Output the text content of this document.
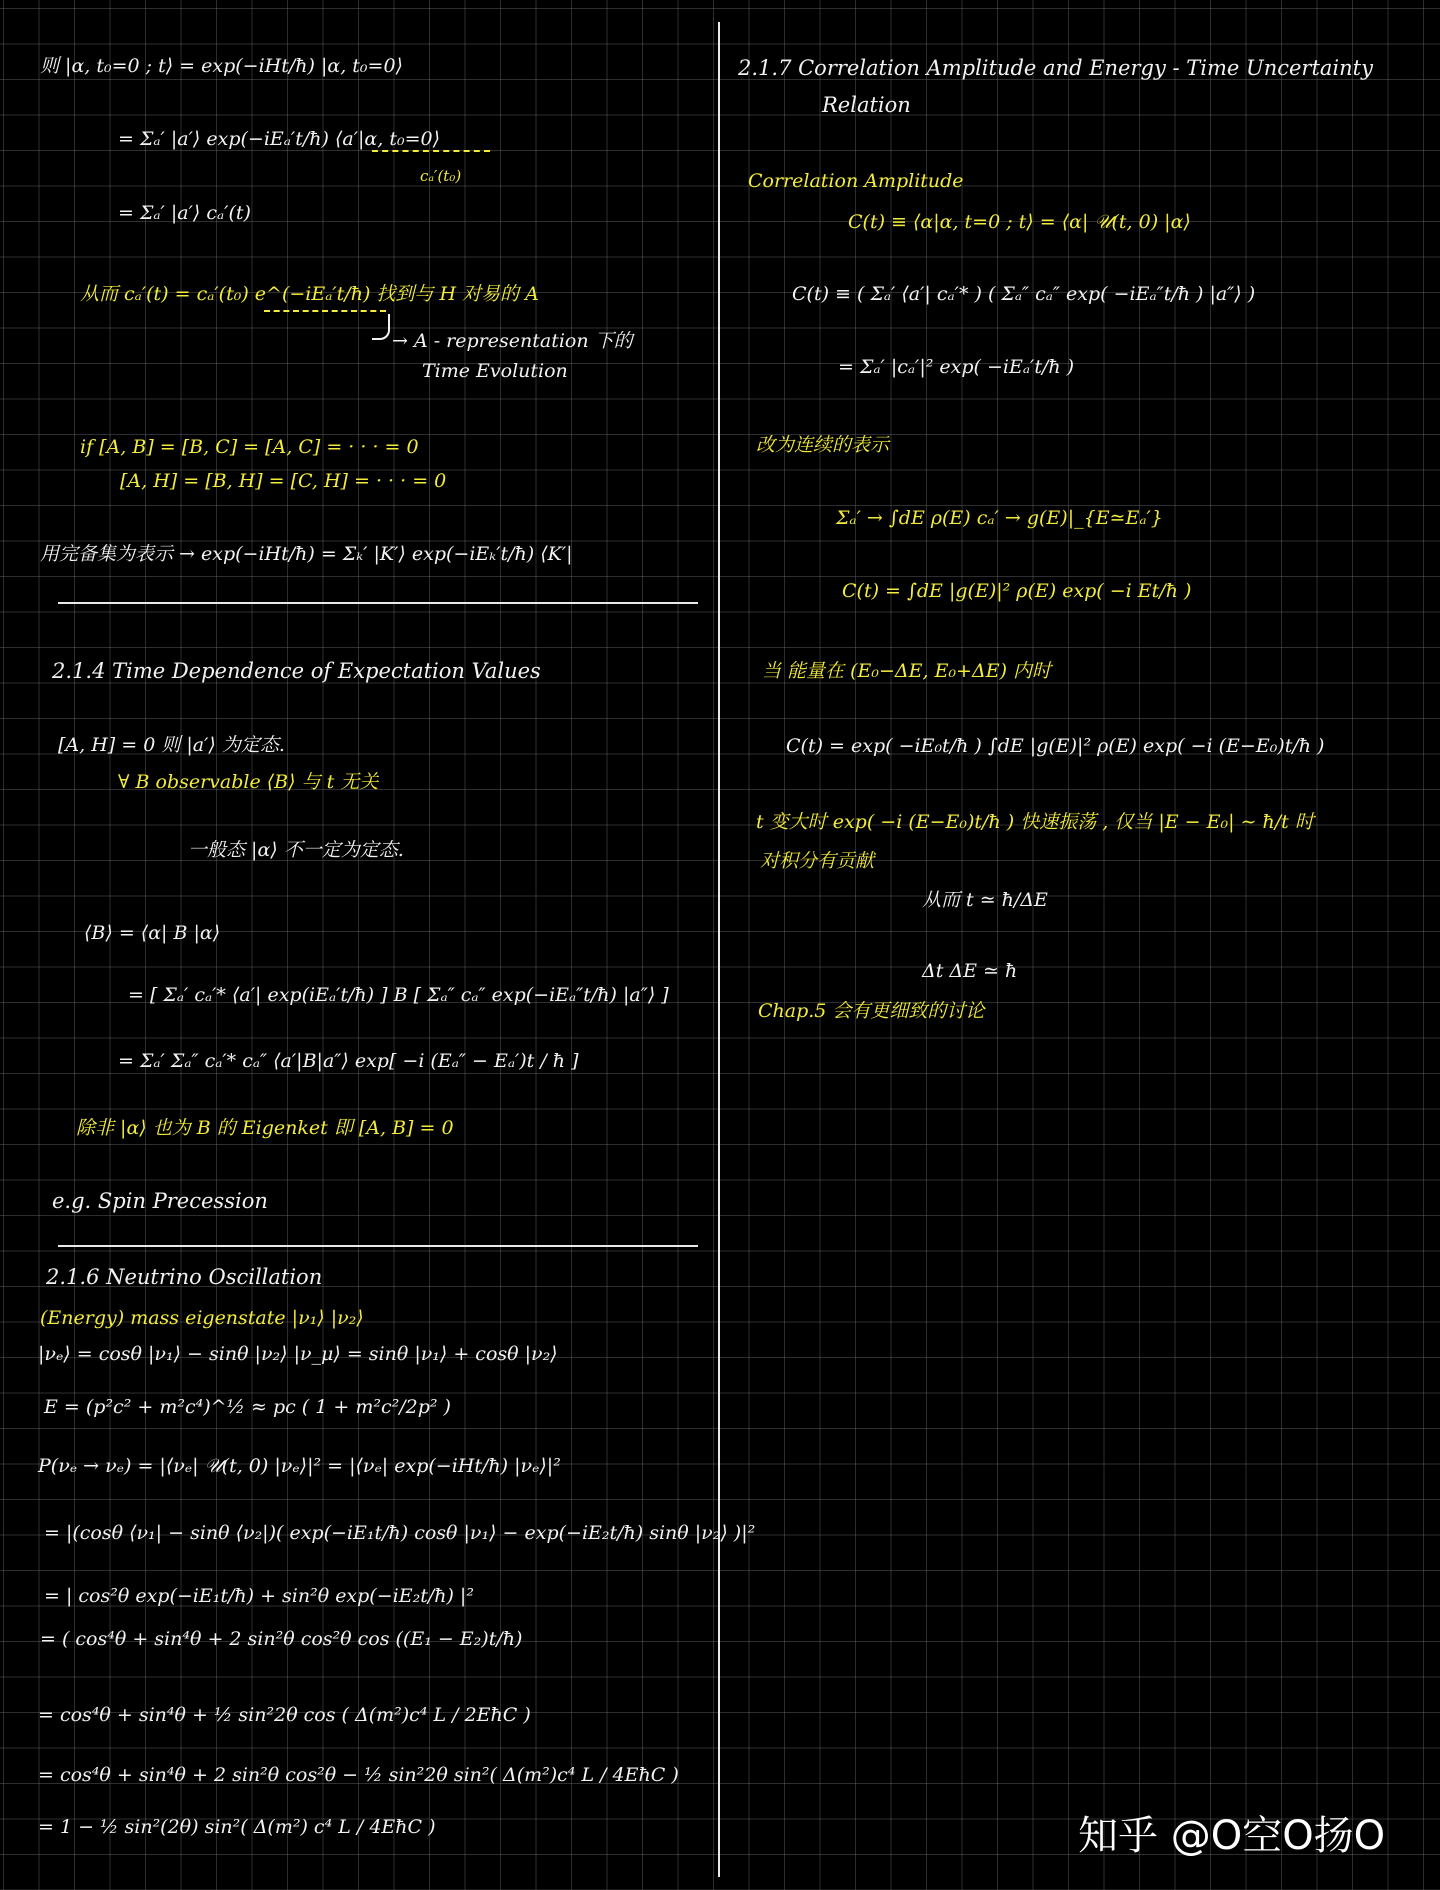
则 |α, t₀=0 ; t⟩ = exp(−iHt/ħ) |α, t₀=0⟩
= Σₐ′ |a′⟩ exp(−iEₐ′t/ħ) ⟨a′|α, t₀=0⟩
cₐ′(t₀)
= Σₐ′ |a′⟩ cₐ′(t)
从而 cₐ′(t) = cₐ′(t₀) e^(−iEₐ′t/ħ) 找到与 H 对易的 A
→ A - representation 下的
Time Evolution
if [A, B] = [B, C] = [A, C] = · · · = 0
[A, H] = [B, H] = [C, H] = · · · = 0
用完备集为表示 → exp(−iHt/ħ) = Σₖ′ |K′⟩ exp(−iEₖ′t/ħ) ⟨K′|
2.1.4 Time Dependence of Expectation Values
[A, H] = 0 则 |a′⟩ 为定态.
∀ B observable ⟨B⟩ 与 t 无关
一般态 |α⟩ 不一定为定态.
⟨B⟩ = ⟨α| B |α⟩
= [ Σₐ′ cₐ′* ⟨a′| exp(iEₐ′t/ħ) ] B [ Σₐ″ cₐ″ exp(−iEₐ″t/ħ) |a″⟩ ]
= Σₐ′ Σₐ″ cₐ′* cₐ″ ⟨a′|B|a″⟩ exp[ −i (Eₐ″ − Eₐ′)t / ħ ]
除非 |α⟩ 也为 B 的 Eigenket 即 [A, B] = 0
e.g. Spin Precession
2.1.6 Neutrino Oscillation
(Energy) mass eigenstate |ν₁⟩ |ν₂⟩
|νₑ⟩ = cosθ |ν₁⟩ − sinθ |ν₂⟩ |ν_μ⟩ = sinθ |ν₁⟩ + cosθ |ν₂⟩
E = (p²c² + m²c⁴)^½ ≈ pc ( 1 + m²c²/2p² )
P(νₑ → νₑ) = |⟨νₑ| 𝒰(t, 0) |νₑ⟩|² = |⟨νₑ| exp(−iHt/ħ) |νₑ⟩|²
= |(cosθ ⟨ν₁| − sinθ ⟨ν₂|)( exp(−iE₁t/ħ) cosθ |ν₁⟩ − exp(−iE₂t/ħ) sinθ |ν₂⟩ )|²
= | cos²θ exp(−iE₁t/ħ) + sin²θ exp(−iE₂t/ħ) |²
= ( cos⁴θ + sin⁴θ + 2 sin²θ cos²θ cos ((E₁ − E₂)t/ħ)
= cos⁴θ + sin⁴θ + ½ sin²2θ cos ( Δ(m²)c⁴ L / 2EħC )
= cos⁴θ + sin⁴θ + 2 sin²θ cos²θ − ½ sin²2θ sin²( Δ(m²)c⁴ L / 4EħC )
= 1 − ½ sin²(2θ) sin²( Δ(m²) c⁴ L / 4EħC )
2.1.7 Correlation Amplitude and Energy - Time Uncertainty
Relation
Correlation Amplitude
C(t) ≡ ⟨α|α, t=0 ; t⟩ = ⟨α| 𝒰(t, 0) |α⟩
C(t) ≡ ( Σₐ′ ⟨a′| cₐ′* ) ( Σₐ″ cₐ″ exp( −iEₐ″t/ħ ) |a″⟩ )
= Σₐ′ |cₐ′|² exp( −iEₐ′t/ħ )
改为连续的表示
Σₐ′ → ∫dE ρ(E) cₐ′ → g(E)|_{E≃Eₐ′}
C(t) = ∫dE |g(E)|² ρ(E) exp( −i Et/ħ )
当 能量在 (E₀−ΔE, E₀+ΔE) 内时
C(t) = exp( −iE₀t/ħ ) ∫dE |g(E)|² ρ(E) exp( −i (E−E₀)t/ħ )
t 变大时 exp( −i (E−E₀)t/ħ ) 快速振荡 , 仅当 |E − E₀| ∼ ħ/t 时
对积分有贡献
从而 t ≃ ħ/ΔE
Δt ΔE ≃ ħ
Chap.5 会有更细致的讨论
知乎 @O空O扬O
